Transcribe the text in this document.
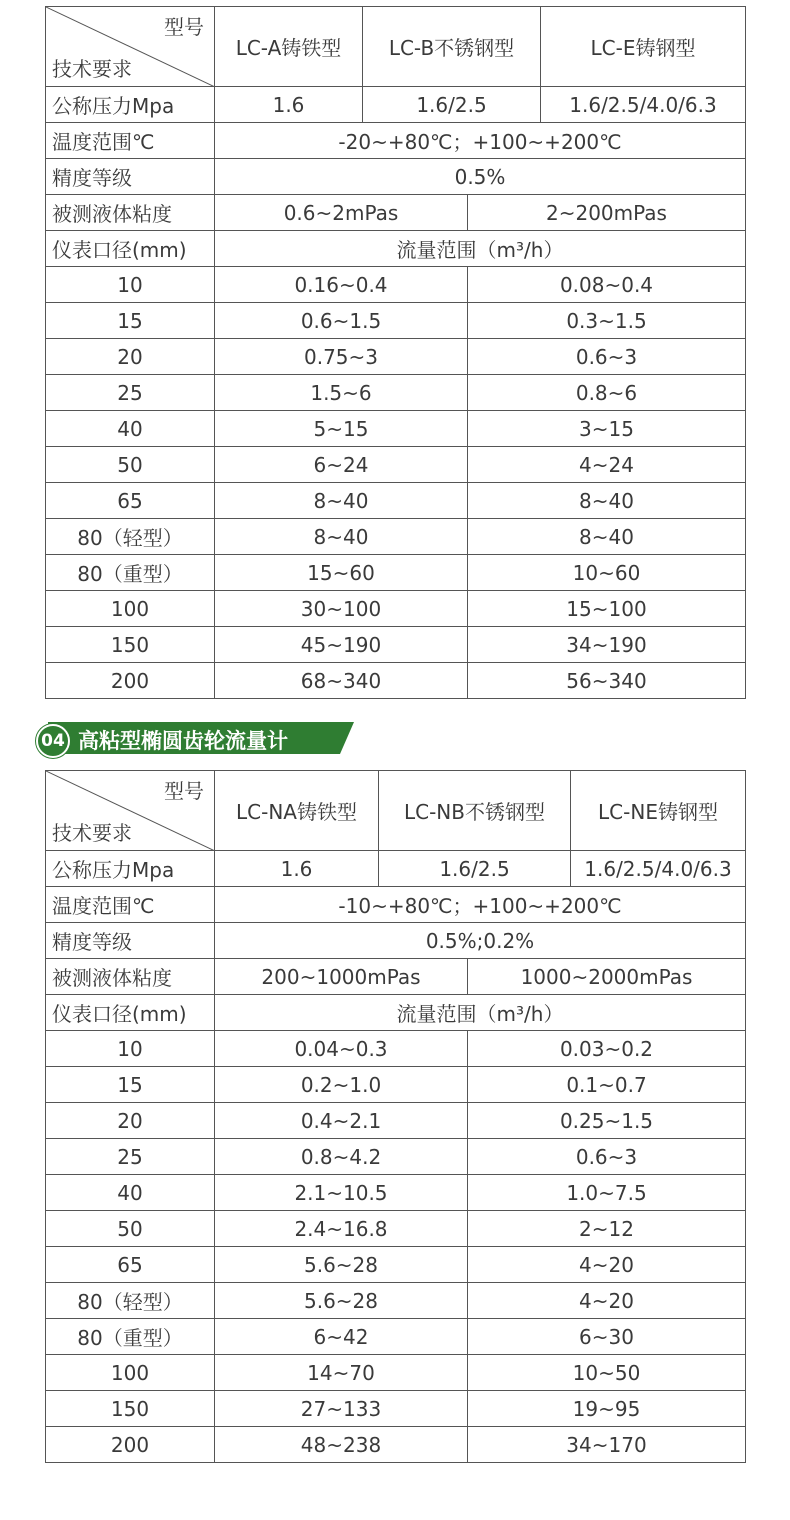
型号
技术要求
LC-A铸铁型	LC-B不锈钢型	LC-E铸钢型
公称压力Mpa	1.6	1.6/2.5	1.6/2.5/4.0/6.3
温度范围℃	-20~+80℃；+100~+200℃
精度等级	0.5%
被测液体粘度	0.6~2mPas	2~200mPas
仪表口径(mm)	流量范围（m³/h）
10	0.16~0.4	0.08~0.4
15	0.6~1.5	0.3~1.5
20	0.75~3	0.6~3
25	1.5~6	0.8~6
40	5~15	3~15
50	6~24	4~24
65	8~40	8~40
80（轻型）	8~40	8~40
80（重型）	15~60	10~60
100	30~100	15~100
150	45~190	34~190
200	68~340	56~340
04 高粘型椭圆齿轮流量计
型号
技术要求
LC-NA铸铁型	LC-NB不锈钢型	LC-NE铸钢型
公称压力Mpa	1.6	1.6/2.5	1.6/2.5/4.0/6.3
温度范围℃	-10~+80℃；+100~+200℃
精度等级	0.5%;0.2%
被测液体粘度	200~1000mPas	1000~2000mPas
仪表口径(mm)	流量范围（m³/h）
10	0.04~0.3	0.03~0.2
15	0.2~1.0	0.1~0.7
20	0.4~2.1	0.25~1.5
25	0.8~4.2	0.6~3
40	2.1~10.5	1.0~7.5
50	2.4~16.8	2~12
65	5.6~28	4~20
80（轻型）	5.6~28	4~20
80（重型）	6~42	6~30
100	14~70	10~50
150	27~133	19~95
200	48~238	34~170
